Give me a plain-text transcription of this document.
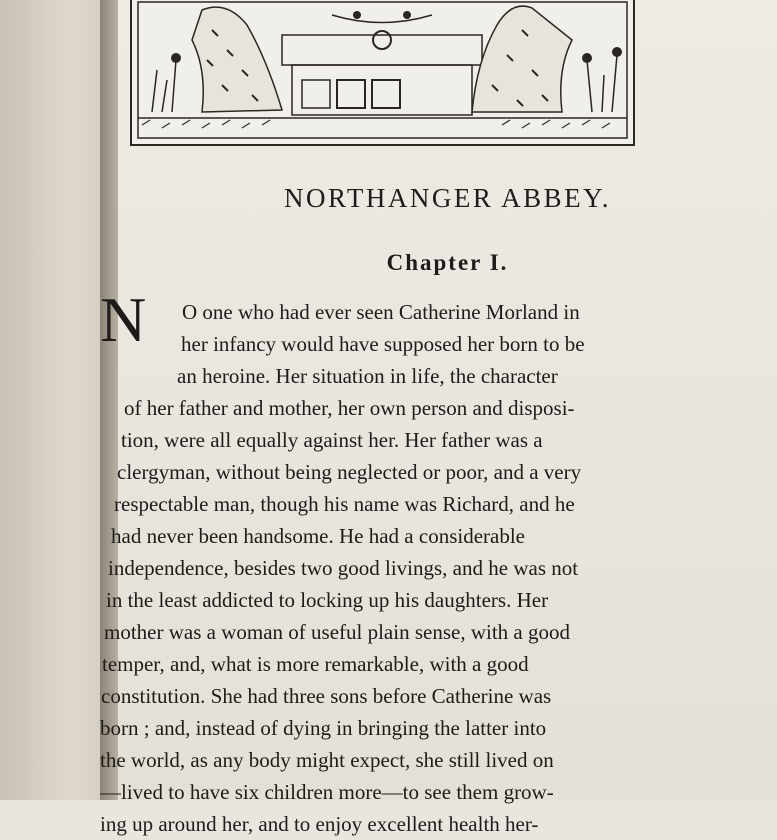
NORTHANGER ABBEY.
Chapter I.
N	O one who had ever seen Catherine Morland in
her infancy would have supposed her born to be
an heroine. Her situation in life, the character
of her father and mother, her own person and disposi-
tion, were all equally against her. Her father was a
clergyman, without being neglected or poor, and a very
respectable man, though his name was Richard, and he
had never been handsome. He had a considerable
independence, besides two good livings, and he was not
in the least addicted to locking up his daughters. Her
mother was a woman of useful plain sense, with a good
temper, and, what is more remarkable, with a good
constitution. She had three sons before Catherine was
born ; and, instead of dying in bringing the latter into
the world, as any body might expect, she still lived on
—lived to have six children more—to see them grow-
ing up around her, and to enjoy excellent health her-
